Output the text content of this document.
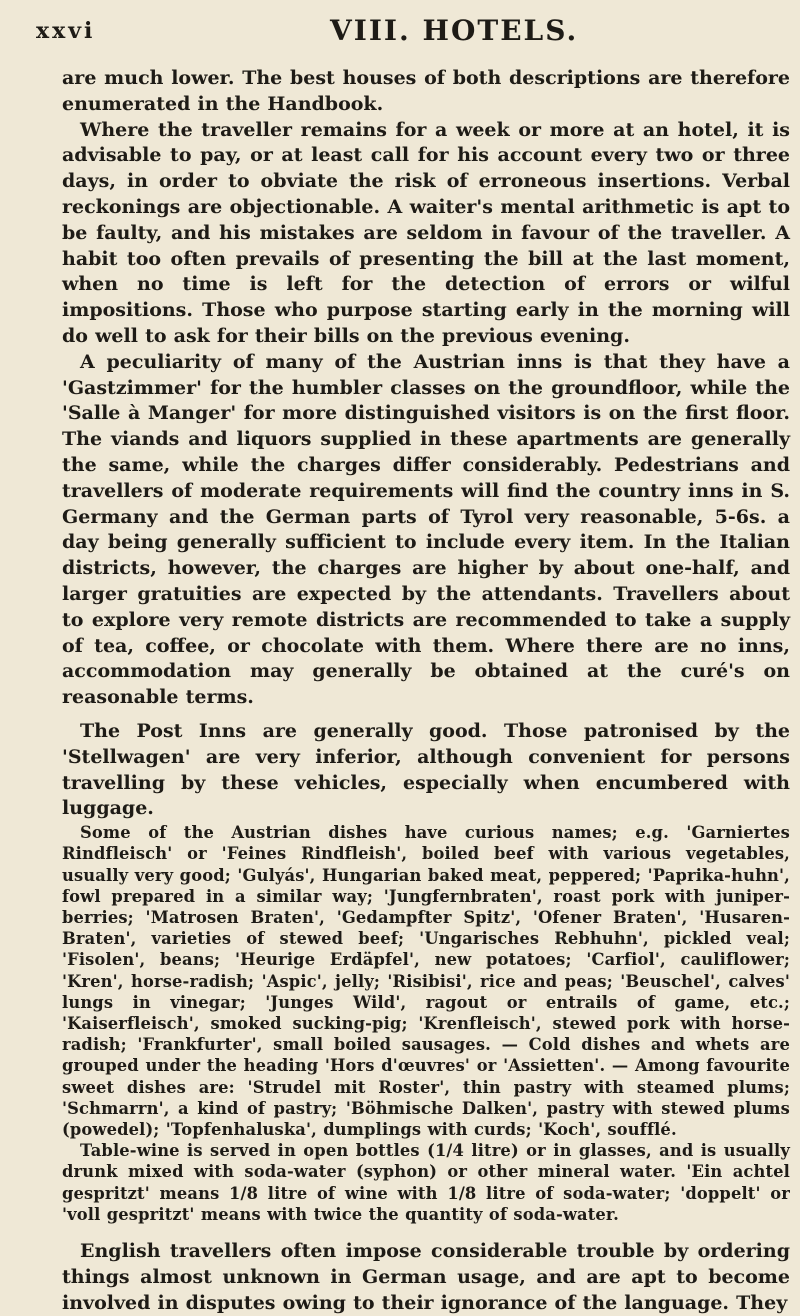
xxvi	VIII. HOTELS.

are much lower. The best houses of both descriptions are therefore enumerated in the Handbook.

Where the traveller remains for a week or more at an hotel, it is advisable to pay, or at least call for his account every two or three days, in order to obviate the risk of erroneous insertions. Verbal reckonings are objectionable. A waiter's mental arithmetic is apt to be faulty, and his mistakes are seldom in favour of the traveller. A habit too often prevails of presenting the bill at the last moment, when no time is left for the detection of errors or wilful impositions. Those who purpose starting early in the morning will do well to ask for their bills on the previous evening.

A peculiarity of many of the Austrian inns is that they have a 'Gastzimmer' for the humbler classes on the groundfloor, while the 'Salle à Manger' for more distinguished visitors is on the first floor. The viands and liquors supplied in these apartments are generally the same, while the charges differ considerably. Pedestrians and travellers of moderate requirements will find the country inns in S. Germany and the German parts of Tyrol very reasonable, 5-6s. a day being generally sufficient to include every item. In the Italian districts, however, the charges are higher by about one-half, and larger gratuities are expected by the attendants. Travellers about to explore very remote districts are recommended to take a supply of tea, coffee, or chocolate with them. Where there are no inns, accommodation may generally be obtained at the curé's on reasonable terms.

The Post Inns are generally good. Those patronised by the 'Stellwagen' are very inferior, although convenient for persons travelling by these vehicles, especially when encumbered with luggage.

Some of the Austrian dishes have curious names; e.g. 'Garniertes Rindfleisch' or 'Feines Rindfleish', boiled beef with various vegetables, usually very good; 'Gulyás', Hungarian baked meat, peppered; 'Paprika-huhn', fowl prepared in a similar way; 'Jungfernbraten', roast pork with juniper-berries; 'Matrosen Braten', 'Gedampfter Spitz', 'Ofener Braten', 'Husaren-Braten', varieties of stewed beef; 'Ungarisches Rebhuhn', pickled veal; 'Fisolen', beans; 'Heurige Erdäpfel', new potatoes; 'Carfiol', cauliflower; 'Kren', horse-radish; 'Aspic', jelly; 'Risibisi', rice and peas; 'Beuschel', calves' lungs in vinegar; 'Junges Wild', ragout or entrails of game, etc.; 'Kaiserfleisch', smoked sucking-pig; 'Krenfleisch', stewed pork with horse-radish; 'Frankfurter', small boiled sausages. — Cold dishes and whets are grouped under the heading 'Hors d'œuvres' or 'Assietten'. — Among favourite sweet dishes are: 'Strudel mit Roster', thin pastry with steamed plums; 'Schmarrn', a kind of pastry; 'Böhmische Dalken', pastry with stewed plums (powedel); 'Topfenhaluska', dumplings with curds; 'Koch', soufflé.

Table-wine is served in open bottles (1/4 litre) or in glasses, and is usually drunk mixed with soda-water (syphon) or other mineral water. 'Ein achtel gespritzt' means 1/8 litre of wine with 1/8 litre of soda-water; 'doppelt' or 'voll gespritzt' means with twice the quantity of soda-water.

English travellers often impose considerable trouble by ordering things almost unknown in German usage, and are apt to become involved in disputes owing to their ignorance of the language. They
